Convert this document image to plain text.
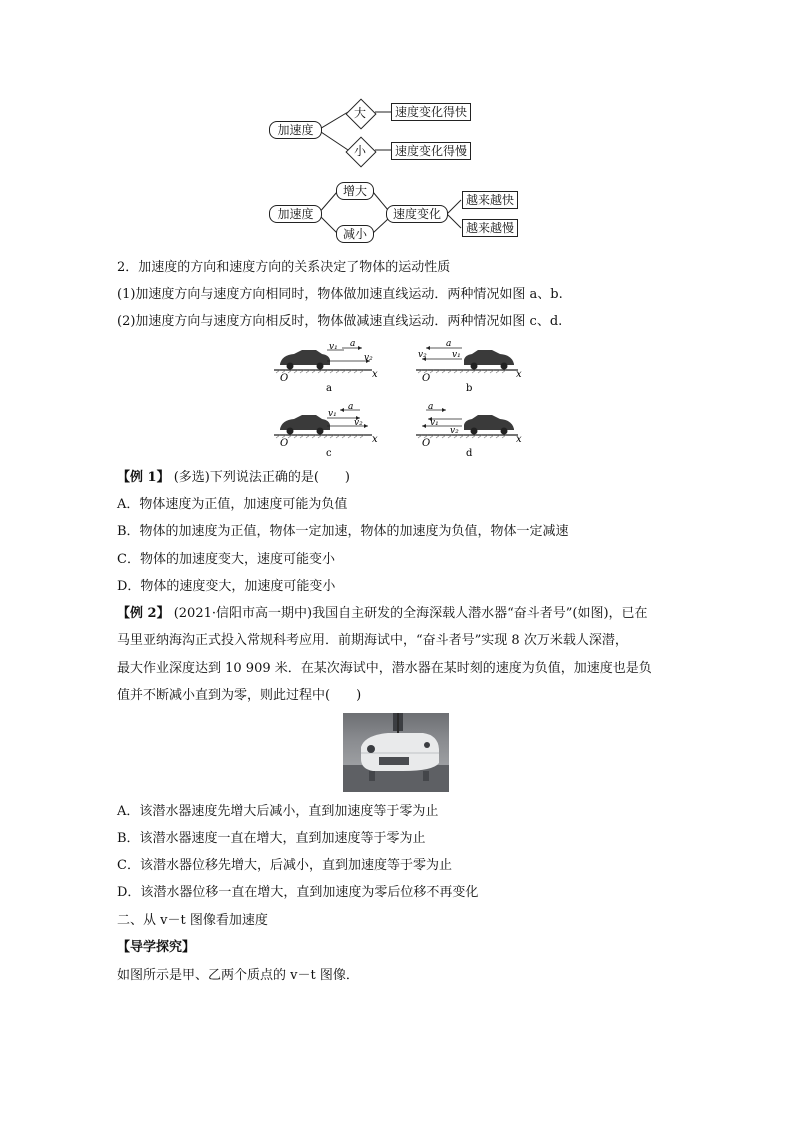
加速度
大
小
速度变化得快
速度变化得慢
加速度
增大
减小
速度变化
越来越快
越来越慢
2．加速度的方向和速度方向的关系决定了物体的运动性质
(1)加速度方向与速度方向相同时，物体做加速直线运动．两种情况如图 a、b.
(2)加速度方向与速度方向相反时，物体做减速直线运动．两种情况如图 c、d.
v₁ a
v₂
O	x
a
a
v₂	v₁
O	x
b
v₁
a
v₂
O	x
c
a
v₁
v₂
O	x
d
【例 1】 (多选)下列说法正确的是(　　)
A．物体速度为正值，加速度可能为负值
B．物体的加速度为正值，物体一定加速，物体的加速度为负值，物体一定减速
C．物体的加速度变大，速度可能变小
D．物体的速度变大，加速度可能变小
【例 2】 (2021·信阳市高一期中)我国自主研发的全海深载人潜水器“奋斗者号”(如图)，已在
马里亚纳海沟正式投入常规科考应用．前期海试中，“奋斗者号”实现 8 次万米载人深潜，
最大作业深度达到 10 909 米．在某次海试中，潜水器在某时刻的速度为负值，加速度也是负
值并不断减小直到为零，则此过程中(　　)
A．该潜水器速度先增大后减小，直到加速度等于零为止
B．该潜水器速度一直在增大，直到加速度等于零为止
C．该潜水器位移先增大，后减小，直到加速度等于零为止
D．该潜水器位移一直在增大，直到加速度为零后位移不再变化
二、从 v－t 图像看加速度
【导学探究】
如图所示是甲、乙两个质点的 v－t 图像．
